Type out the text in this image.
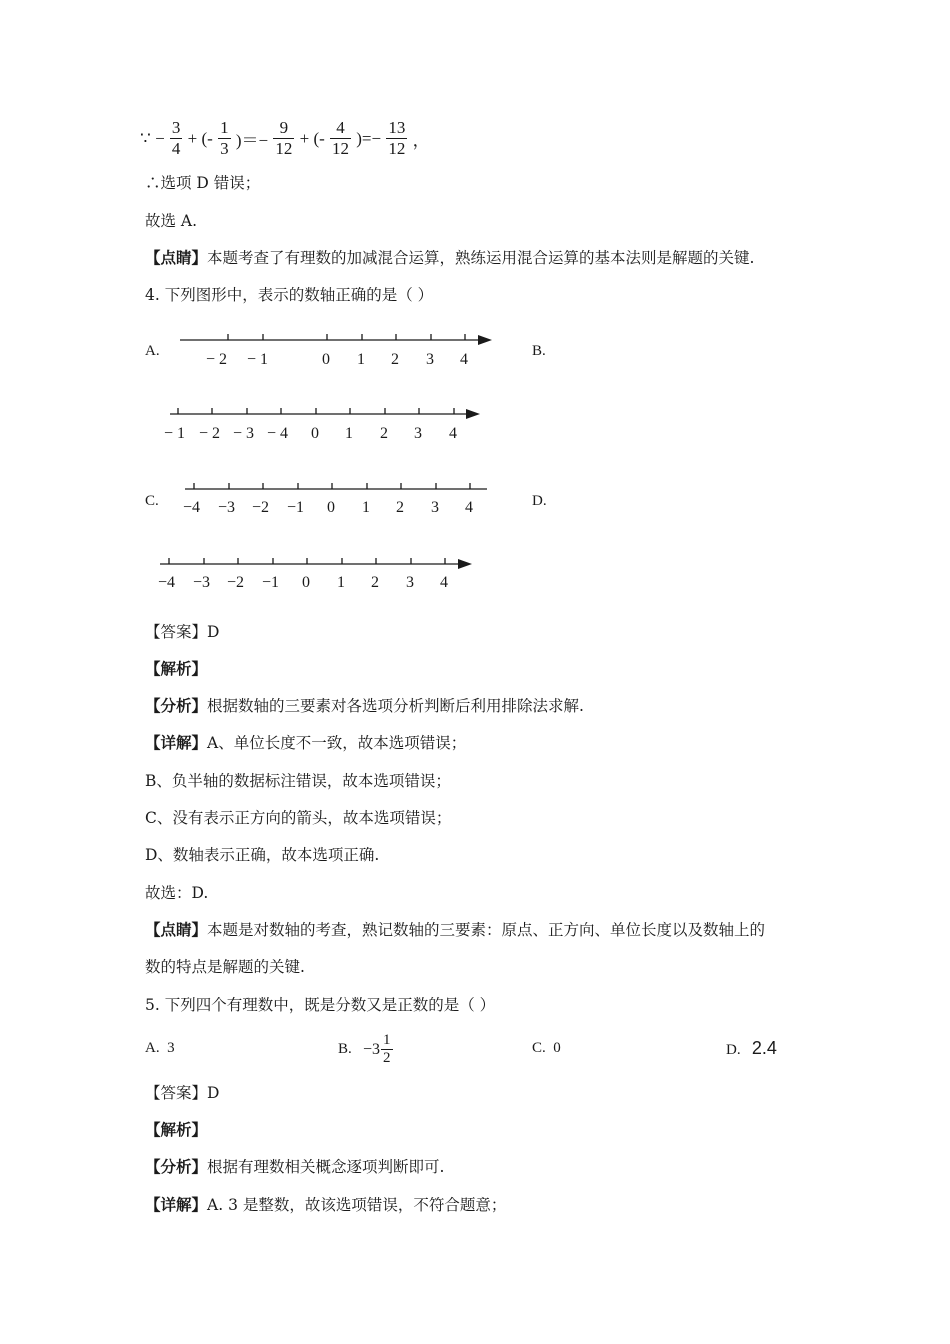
∵ − $\frac{3}{4}$ + (- $\frac{1}{3}$ )＝− $\frac{9}{12}$ + (- $\frac{4}{12}$ )=− $\frac{13}{12}$ ，
∴选项 D 错误；
故选 A.
【点睛】本题考查了有理数的加减混合运算，熟练运用混合运算的基本法则是解题的关键.
4. 下列图形中，表示的数轴正确的是（ ）
A.	B.
C.	D.
− 2 − 1	0 1 2 3 4
− 1 − 2 − 3 − 4 0 1 2 3 4
−4 −3 −2 −1 0 1 2 3 4
−4 −3 −2 −1 0 1 2 3 4
【答案】D
【解析】
【分析】根据数轴的三要素对各选项分析判断后利用排除法求解.
【详解】A、单位长度不一致，故本选项错误；
B、负半轴的数据标注错误，故本选项错误；
C、没有表示正方向的箭头，故本选项错误；
D、数轴表示正确，故本选项正确.
故选：D.
【点睛】本题是对数轴的考查，熟记数轴的三要素：原点、正方向、单位长度以及数轴上的
数的特点是解题的关键.
5. 下列四个有理数中，既是分数又是正数的是（ ）
A. 3	B. $-3 \frac{1}{2}$	C. 0	D. 2.4
【答案】D
【解析】
【分析】根据有理数相关概念逐项判断即可.
【详解】A. 3 是整数，故该选项错误，不符合题意；
